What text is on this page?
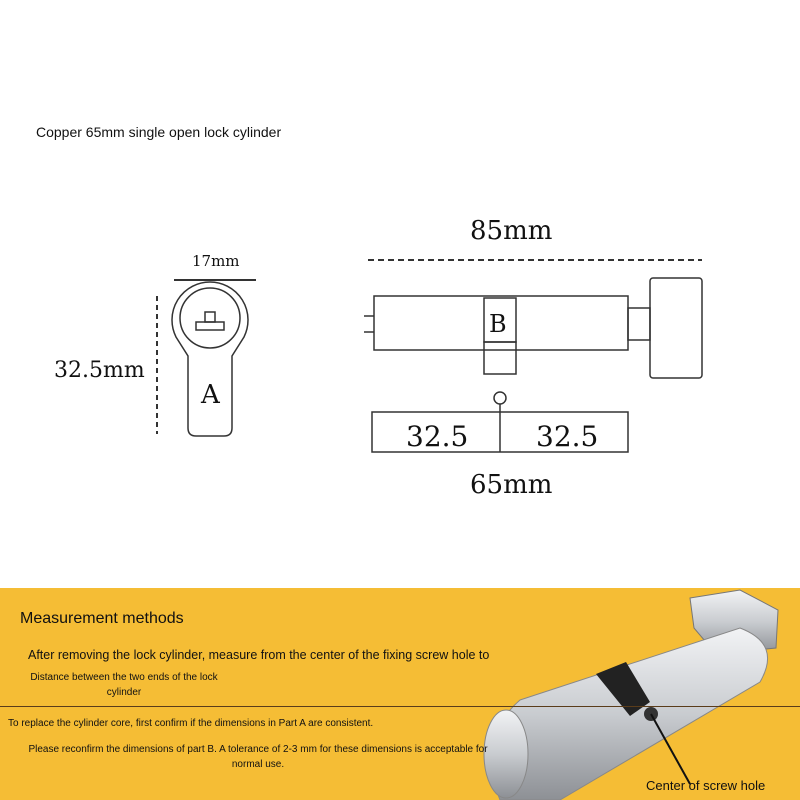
Copper 65mm single open lock cylinder
85mm
17mm
32.5mm
A
B
32.5 32.5
65mm
Measurement methods
After removing the lock cylinder, measure from the center of the fixing screw hole to
Distance between the two ends of the lock cylinder
To replace the cylinder core, first confirm if the dimensions in Part A are consistent.
Please reconfirm the dimensions of part B. A tolerance of 2-3 mm for these dimensions is acceptable for normal use.
Center of screw hole
